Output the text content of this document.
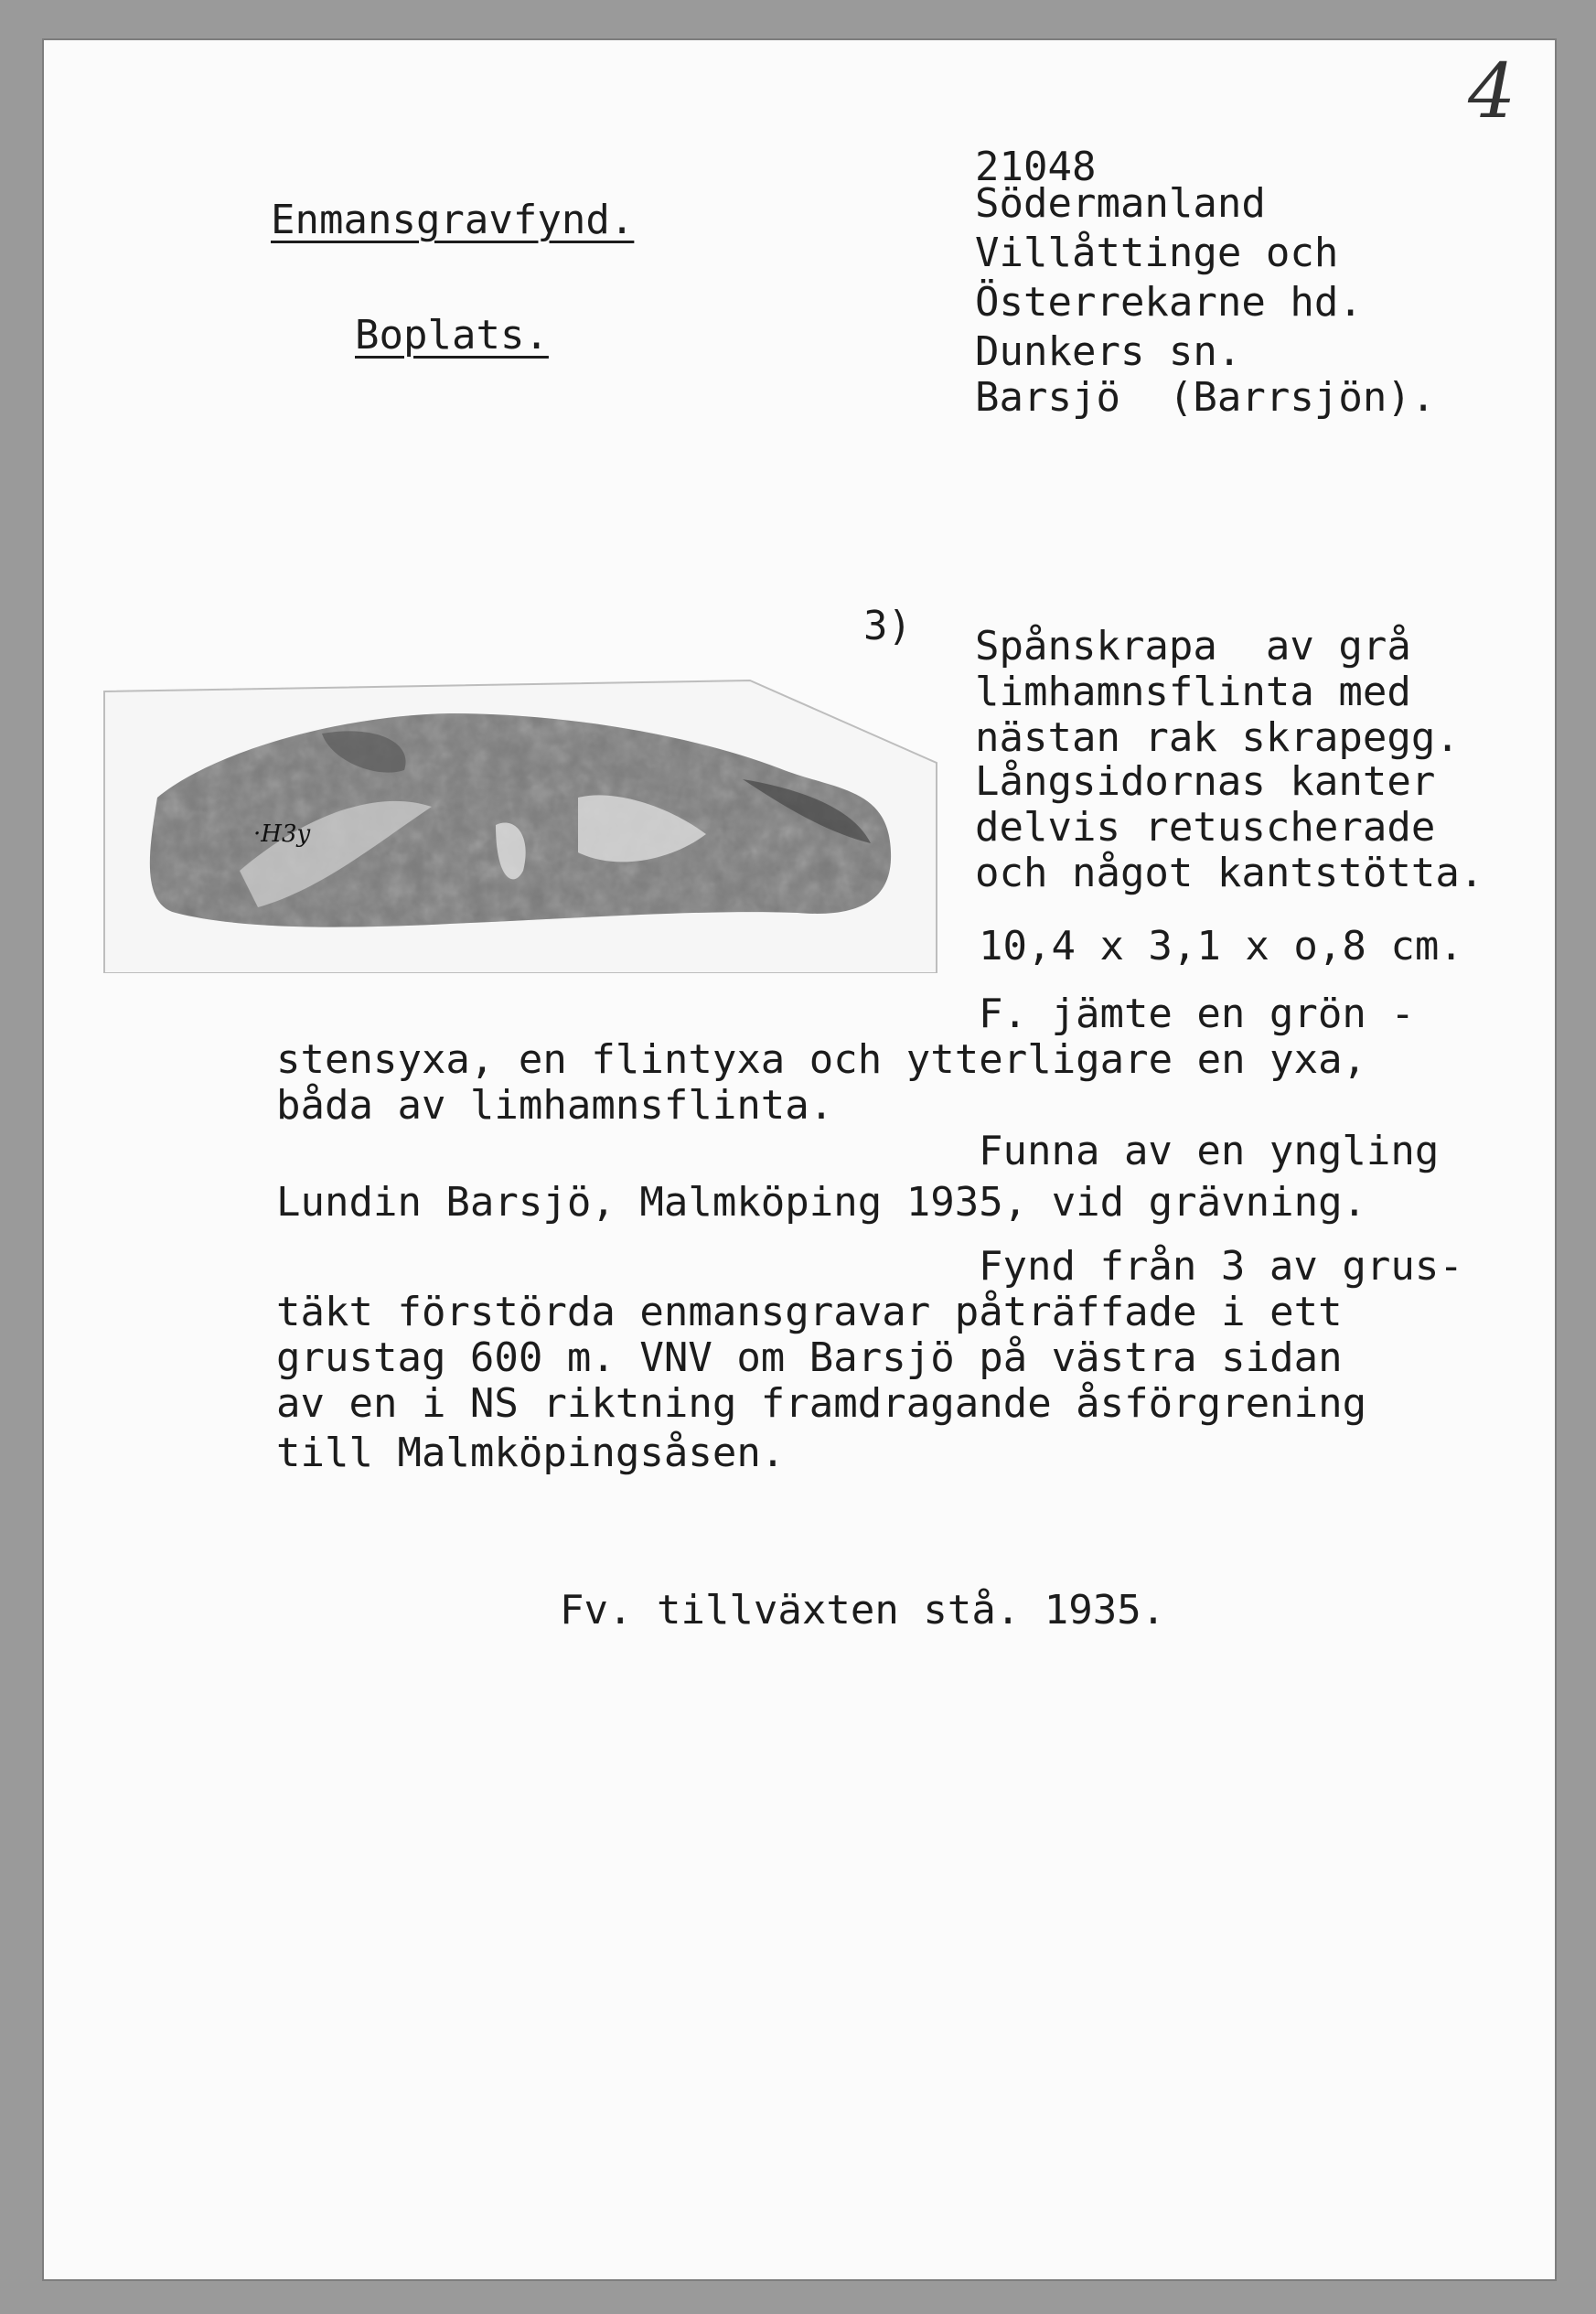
4
Enmansgravfynd.
Boplats.
21048
Södermanland
Villåttinge och
Österrekarne hd.
Dunkers sn.
Barsjö  (Barrsjön).
3)
·H3y
Spånskrapa  av grå
limhamnsflinta med
nästan rak skrapegg.
Långsidornas kanter
delvis retuscherade
och något kantstötta.
10,4 x 3,1 x o,8 cm.
F. jämte en grön -
stensyxa, en flintyxa och ytterligare en yxa,
båda av limhamnsflinta.
Funna av en yngling
Lundin Barsjö, Malmköping 1935, vid grävning.
Fynd från 3 av grus-
täkt förstörda enmansgravar påträffade i ett
grustag 600 m. VNV om Barsjö på västra sidan
av en i NS riktning framdragande åsförgrening
till Malmköpingsåsen.
Fv. tillväxten stå. 1935.
